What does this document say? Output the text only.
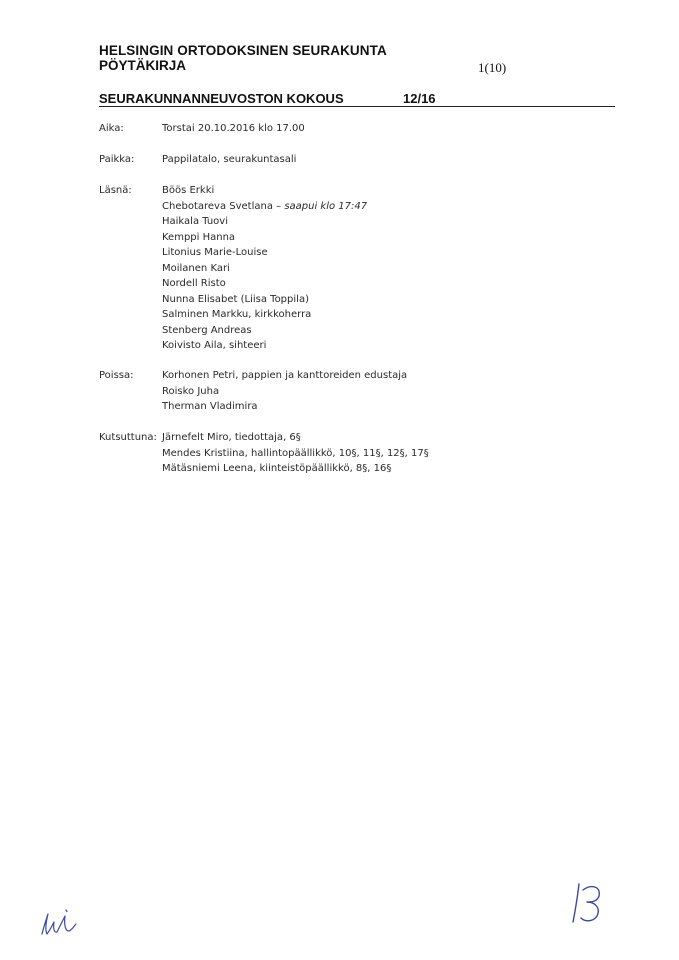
HELSINGIN ORTODOKSINEN SEURAKUNTA
PÖYTÄKIRJA	1(10)
SEURAKUNNANNEUVOSTON KOKOUS	12/16
Aika:	Torstai 20.10.2016 klo 17.00
Paikka:	Pappilatalo, seurakuntasali
Läsnä:	Böös Erkki
Chebotareva Svetlana – saapui klo 17:47
Haikala Tuovi
Kemppi Hanna
Litonius Marie-Louise
Moilanen Kari
Nordell Risto
Nunna Elisabet (Liisa Toppila)
Salminen Markku, kirkkoherra
Stenberg Andreas
Koivisto Aila, sihteeri
Poissa:	Korhonen Petri, pappien ja kanttoreiden edustaja
Roisko Juha
Therman Vladimira
Kutsuttuna: Järnefelt Miro, tiedottaja, 6§
Mendes Kristiina, hallintopäällikkö, 10§, 11§, 12§, 17§
Mätäsniemi Leena, kiinteistöpäällikkö, 8§, 16§
